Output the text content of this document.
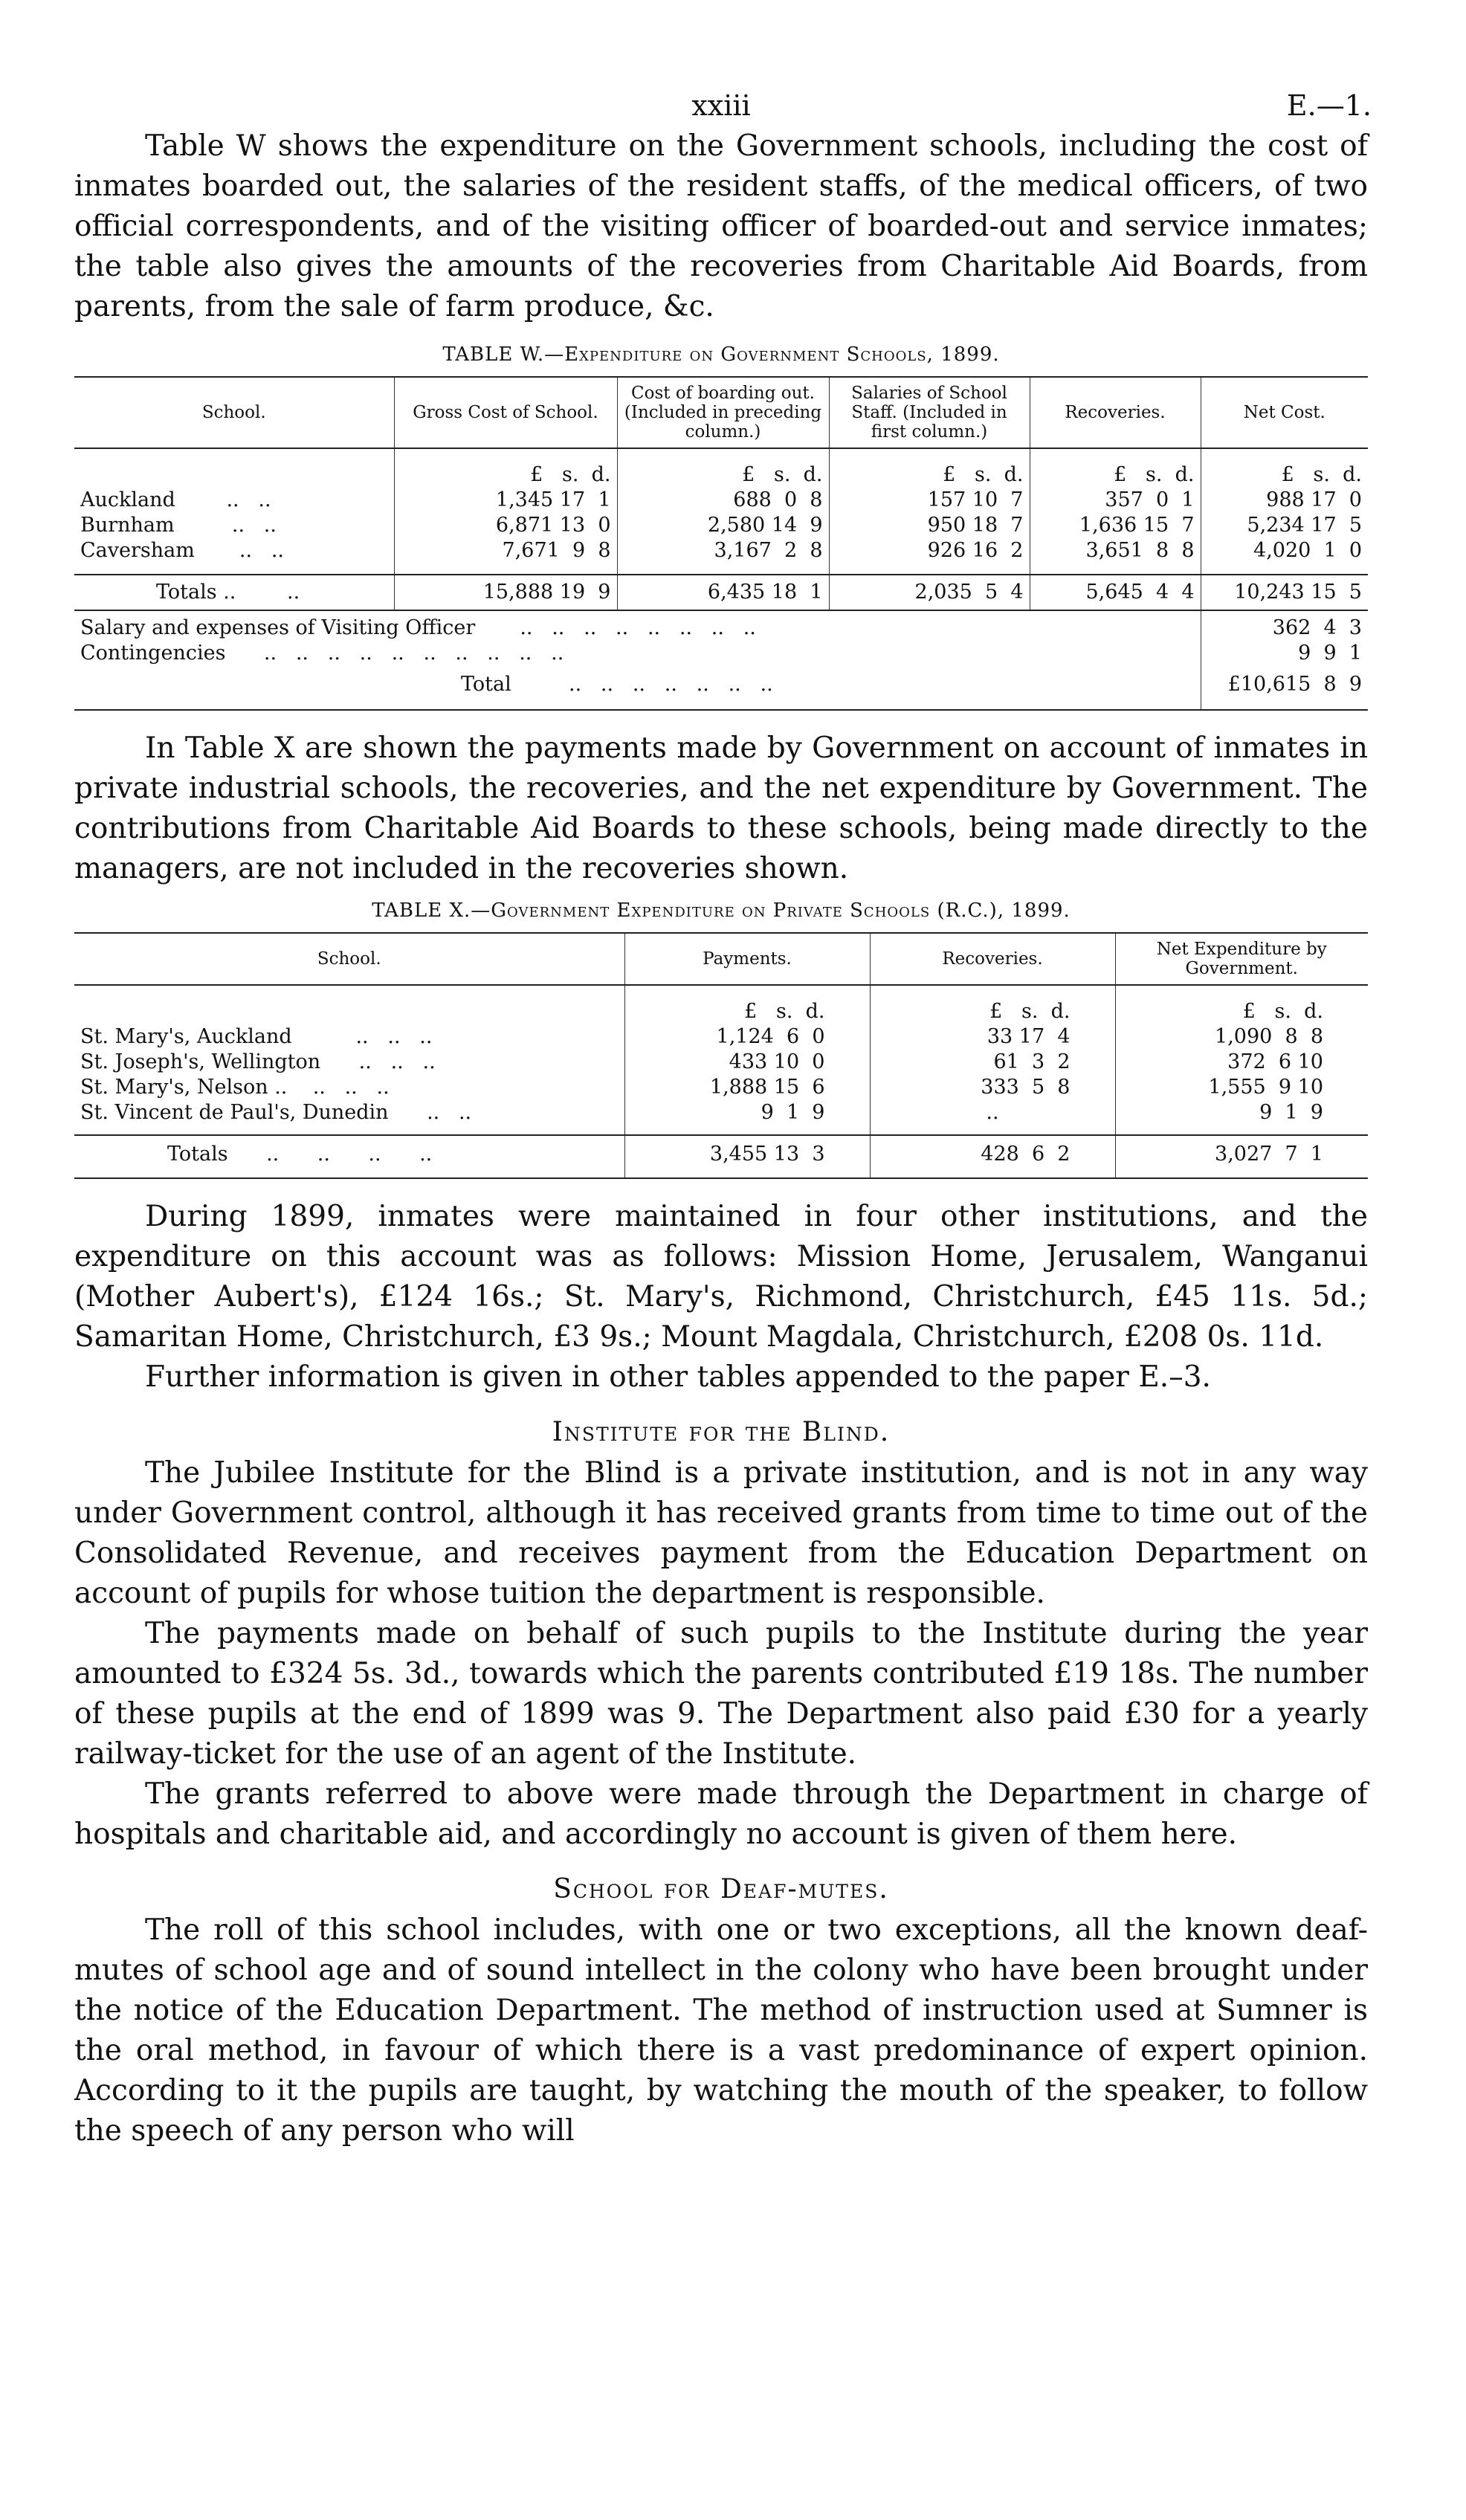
xxiii	E.—1.

Table W shows the expenditure on the Government schools, including the cost of inmates boarded out, the salaries of the resident staffs, of the medical officers, of two official correspondents, and of the visiting officer of boarded-out and service inmates; the table also gives the amounts of the recoveries from Charitable Aid Boards, from parents, from the sale of farm produce, &c.

TABLE W.—Expenditure on Government Schools, 1899.
School.	Gross Cost of School.	Cost of boarding out. (Included in preceding column.)	Salaries of School Staff. (Included in first column.)	Recoveries.	Net Cost.

	£   s.  d.	£   s.  d.	£   s.  d.	£   s.  d.	£   s.  d.
Auckland ..   ..	1,345 17  1	688  0  8	157 10  7	357  0  1	988 17  0
Burnham ..   ..	6,871 13  0	2,580 14  9	950 18  7	1,636 15  7	5,234 17  5
Caversham ..   ..	7,671  9  8	3,167  2  8	926 16  2	3,651  8  8	4,020  1  0

Totals ..        ..	15,888 19  9	6,435 18  1	2,035  5  4	5,645  4  4	10,243 15  5
Salary and expenses of Visiting Officer ..   ..   ..   ..   ..   ..   ..   ..					362  4  3
Contingencies ..   ..   ..   ..   ..   ..   ..   ..   ..   ..					9  9  1

Total ..   ..   ..   ..   ..   ..   ..					£10,615  8  9

In Table X are shown the payments made by Government on account of inmates in private industrial schools, the recoveries, and the net expenditure by Government. The contributions from Charitable Aid Boards to these schools, being made directly to the managers, are not included in the recoveries shown.

TABLE X.—Government Expenditure on Private Schools (R.C.), 1899.
School.	Payments.	Recoveries.	Net Expenditure by Government.

	£   s.  d.	£   s.  d.	£   s.  d.
St. Mary's, Auckland ..   ..   ..	1,124  6  0	33 17  4	1,090  8  8
St. Joseph's, Wellington ..   ..   ..	433 10  0	61  3  2	372  6 10
St. Mary's, Nelson ..    ..   ..   ..	1,888 15  6	333  5  8	1,555  9 10
St. Vincent de Paul's, Dunedin ..   ..	9  1  9	..	9  1  9

Totals      ..      ..      ..      ..	3,455 13  3	428  6  2	3,027  7  1

During 1899, inmates were maintained in four other institutions, and the expenditure on this account was as follows: Mission Home, Jerusalem, Wanganui (Mother Aubert's), £124 16s.; St. Mary's, Richmond, Christchurch, £45 11s. 5d.; Samaritan Home, Christchurch, £3 9s.; Mount Magdala, Christchurch, £208 0s. 11d.

Further information is given in other tables appended to the paper E.–3.

Institute for the Blind.

The Jubilee Institute for the Blind is a private institution, and is not in any way under Government control, although it has received grants from time to time out of the Consolidated Revenue, and receives payment from the Education Department on account of pupils for whose tuition the department is responsible.

The payments made on behalf of such pupils to the Institute during the year amounted to £324 5s. 3d., towards which the parents contributed £19 18s. The number of these pupils at the end of 1899 was 9. The Department also paid £30 for a yearly railway-ticket for the use of an agent of the Institute.

The grants referred to above were made through the Department in charge of hospitals and charitable aid, and accordingly no account is given of them here.

School for Deaf-mutes.

The roll of this school includes, with one or two exceptions, all the known deaf-mutes of school age and of sound intellect in the colony who have been brought under the notice of the Education Department. The method of instruction used at Sumner is the oral method, in favour of which there is a vast predominance of expert opinion. According to it the pupils are taught, by watching the mouth of the speaker, to follow the speech of any person who will
